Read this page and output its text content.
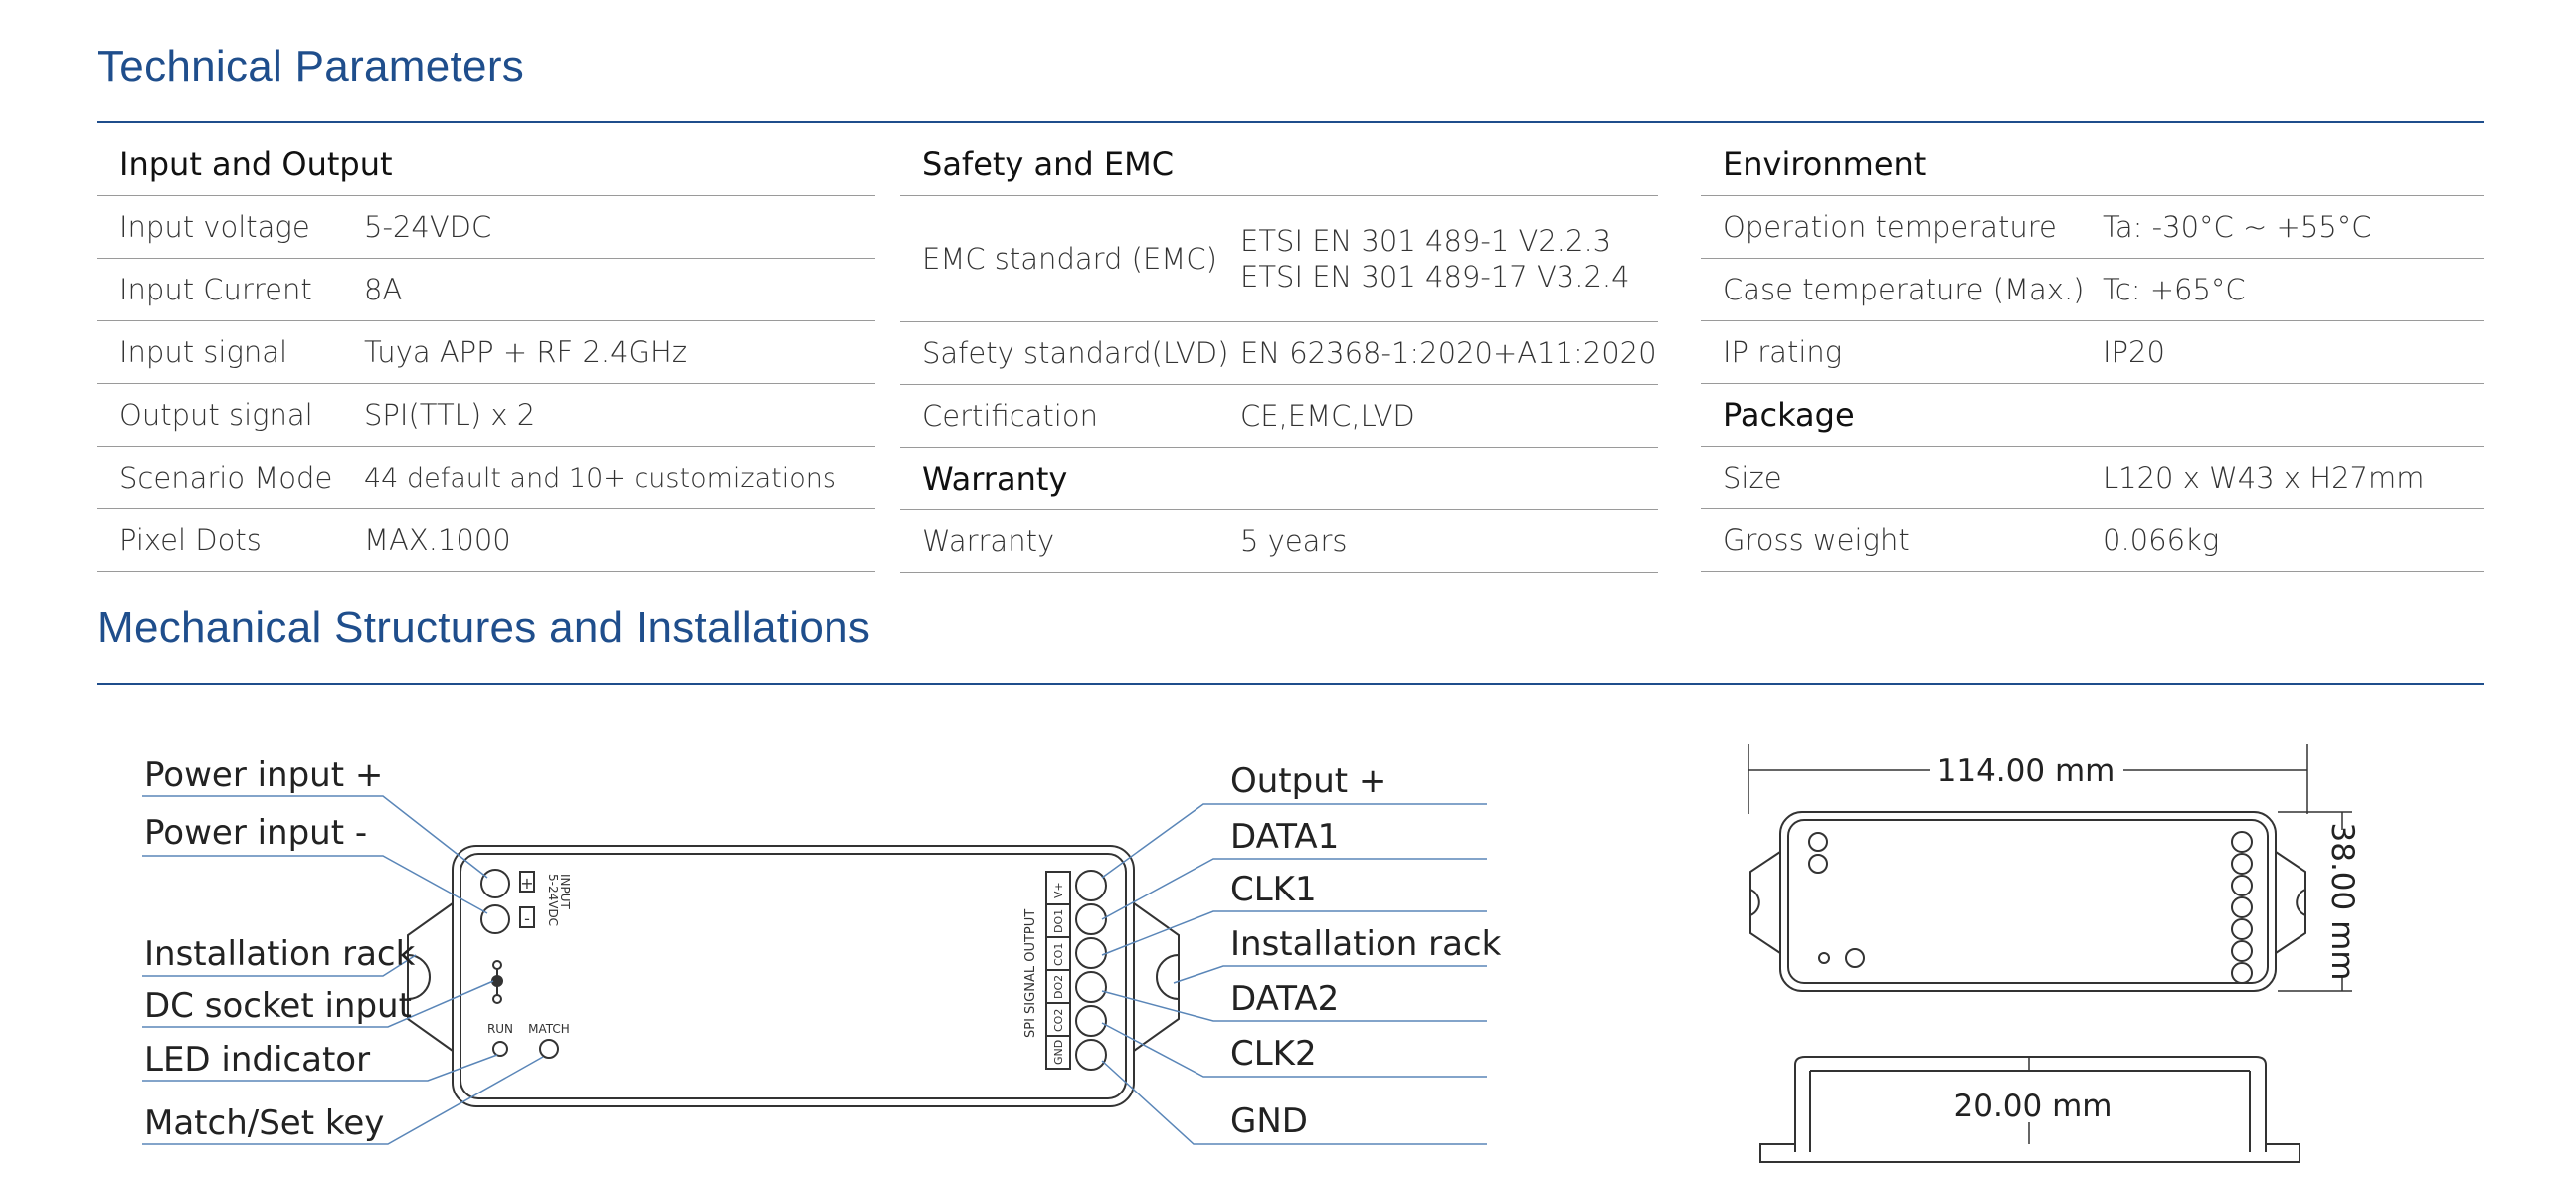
Technical Parameters
Input and Output	
Input voltage	5-24VDC
Input Current	8A
Input signal	Tuya APP + RF 2.4GHz
Output signal	SPI(TTL) x 2
Scenario Mode	44 default and 10+ customizations
Pixel Dots	MAX.1000
Safety and EMC	
EMC standard (EMC)	ETSI EN 301 489-1 V2.2.3
ETSI EN 301 489-17 V3.2.4

Safety standard(LVD)	EN 62368-1:2020+A11:2020
Certification	CE,EMC,LVD
Warranty	
Warranty	5 years
Environment	
Operation temperature	Ta: -30°C ~ +55°C
Case temperature (Max.)	Tc: +65°C
IP rating	IP20
Package	
Size	L120 x W43 x H27mm
Gross weight	0.066kg
Mechanical Structures and Installations
INPUT
5-24VDC
+
-
RUN MATCH	SPI SIGNAL OUTPUT
GND
CO2
DO2
CO1
DO1
V+
Power input +
Power input -
Installation rack
DC socket input
LED indicator
Match/Set key
Output +
DATA1
CLK1
Installation rack
DATA2
CLK2
GND
114.00 mm
38.00 mm
20.00 mm
